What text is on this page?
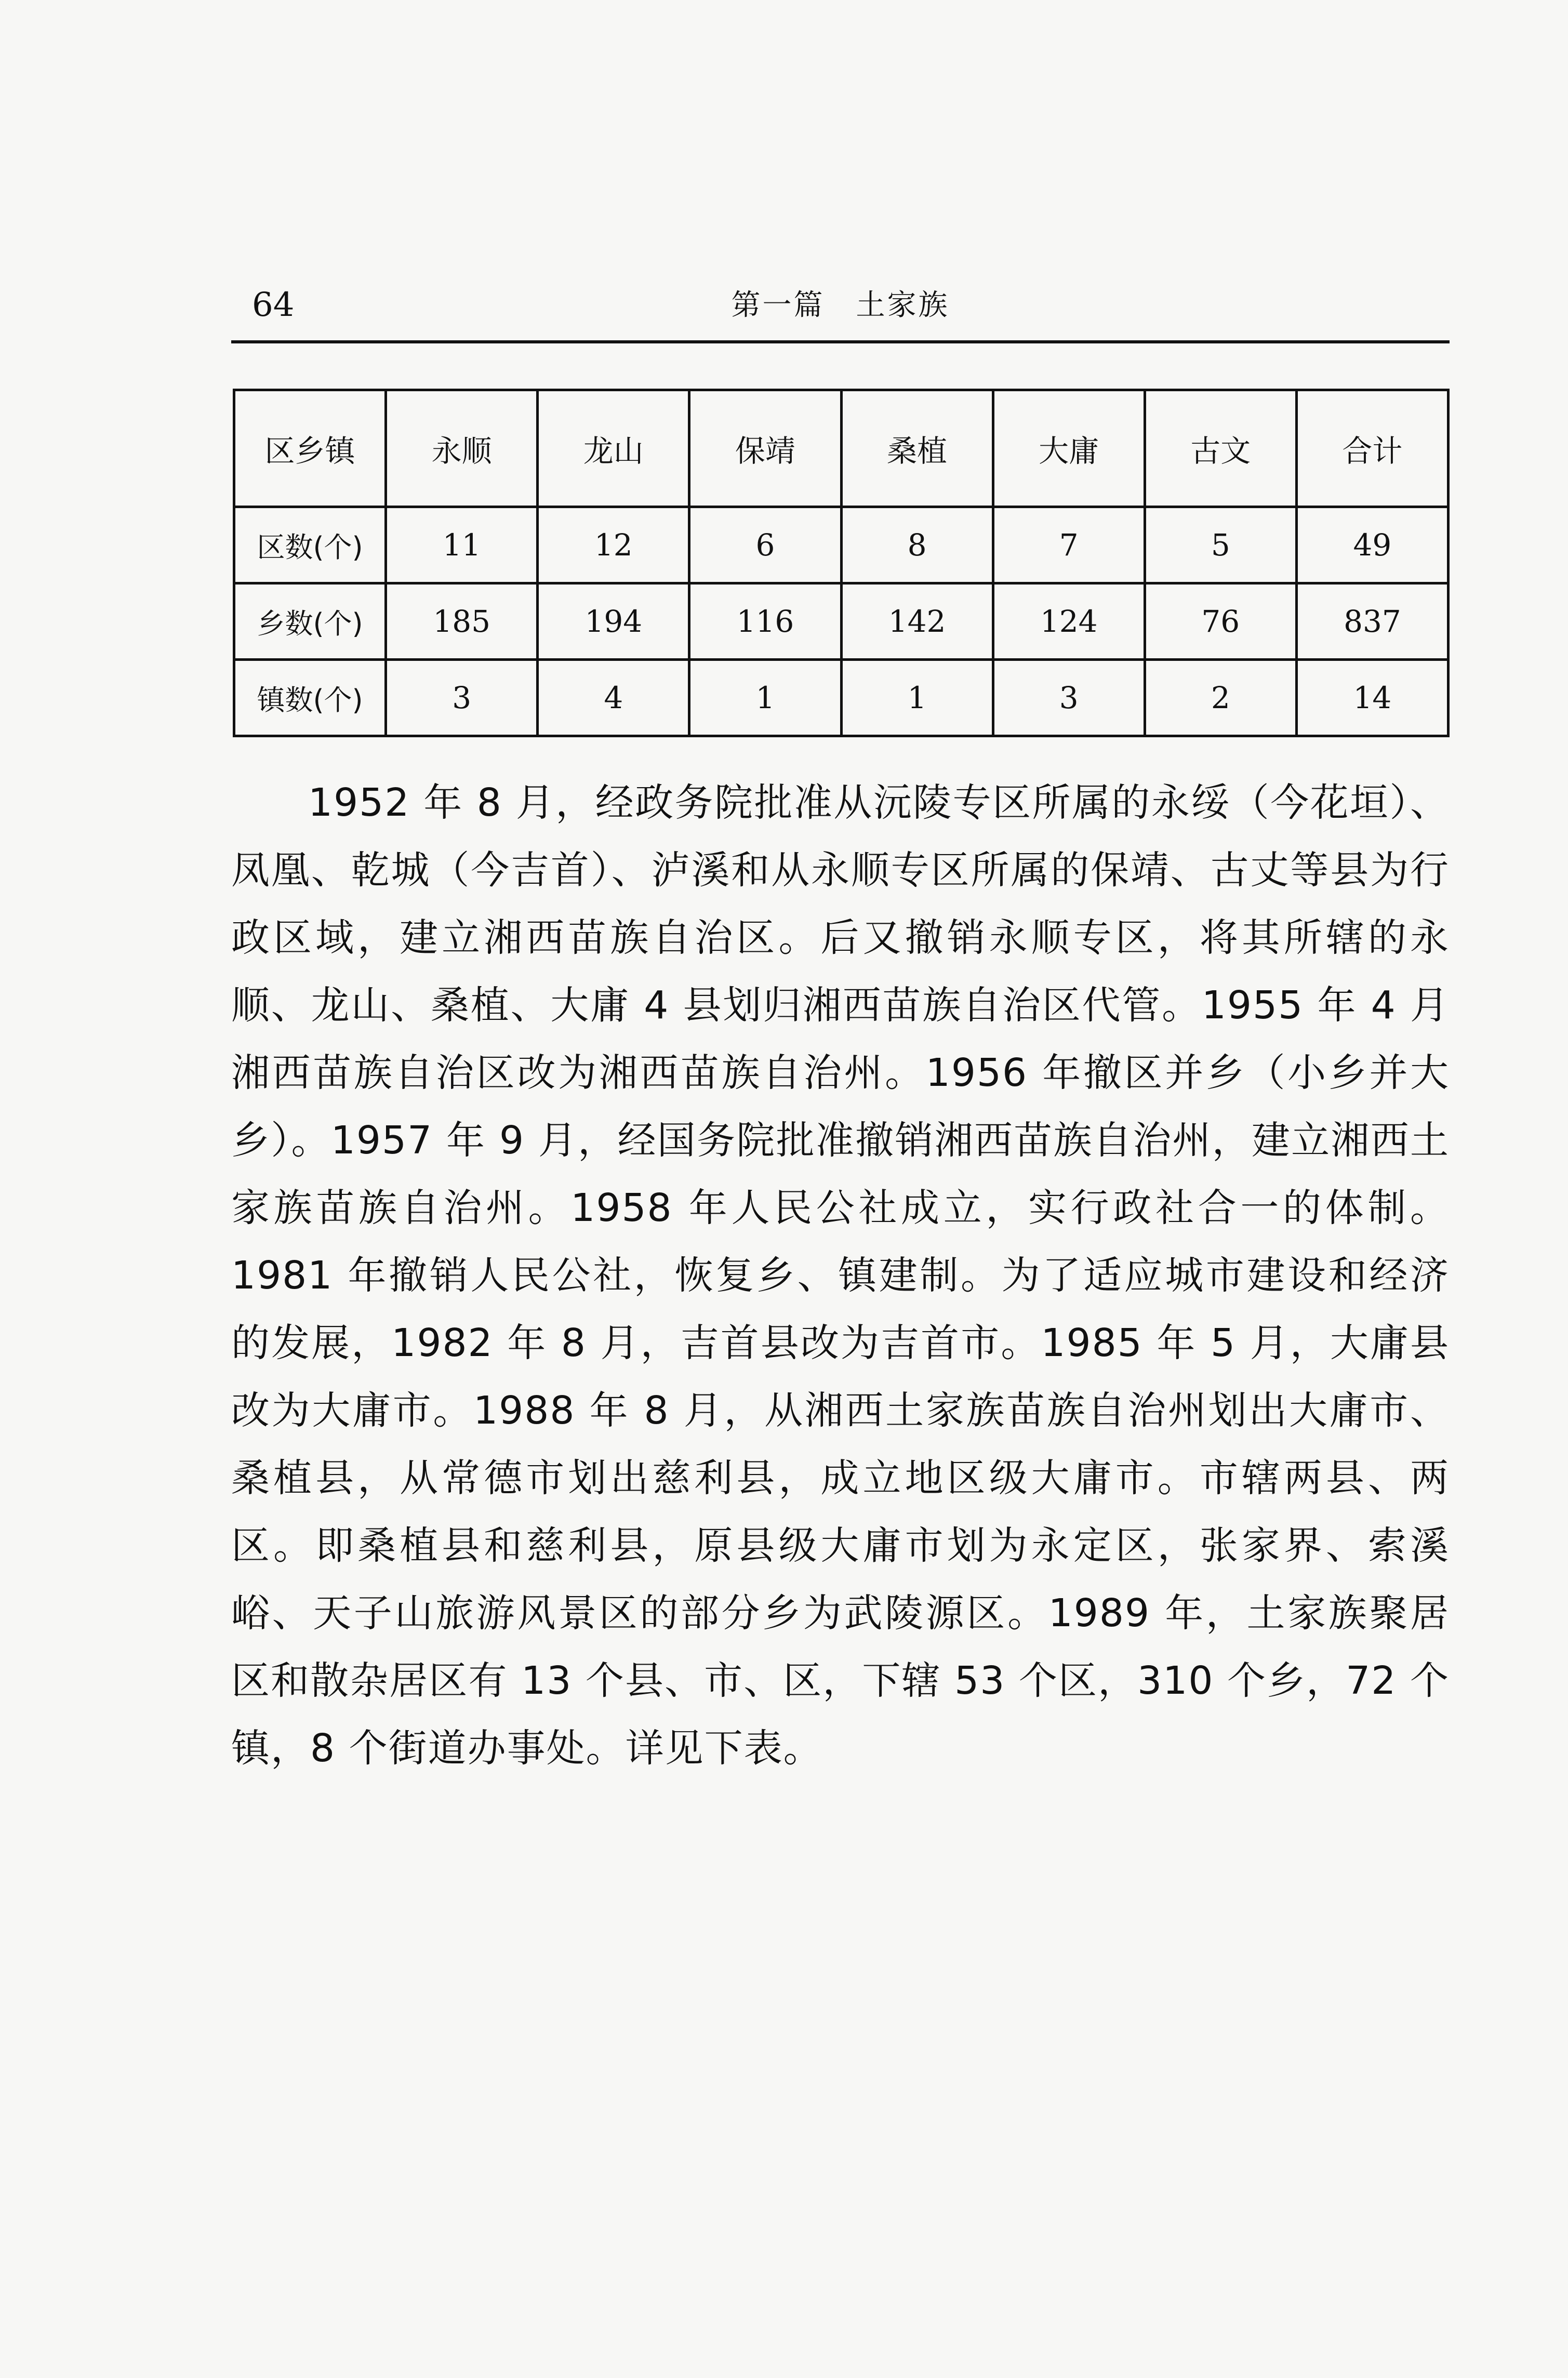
64	第一篇　土家族
区乡镇	永顺	龙山	保靖	桑植	大庸	古文	合计
区数(个)	11	12	6	8	7	5	49
乡数(个)	185	194	116	142	124	76	837
镇数(个)	3	4	1	1	3	2	14

1952 年 8 月，经政务院批准从沅陵专区所属的永绥（今花垣）、凤凰、乾城（今吉首）、泸溪和从永顺专区所属的保靖、古丈等县为行政区域，建立湘西苗族自治区。后又撤销永顺专区，将其所辖的永顺、龙山、桑植、大庸 4 县划归湘西苗族自治区代管。1955 年 4 月湘西苗族自治区改为湘西苗族自治州。1956 年撤区并乡（小乡并大乡）。1957 年 9 月，经国务院批准撤销湘西苗族自治州，建立湘西土家族苗族自治州。1958 年人民公社成立，实行政社合一的体制。1981 年撤销人民公社，恢复乡、镇建制。为了适应城市建设和经济的发展，1982 年 8 月，吉首县改为吉首市。1985 年 5 月，大庸县改为大庸市。1988 年 8 月，从湘西土家族苗族自治州划出大庸市、桑植县，从常德市划出慈利县，成立地区级大庸市。市辖两县、两区。即桑植县和慈利县，原县级大庸市划为永定区，张家界、索溪峪、天子山旅游风景区的部分乡为武陵源区。1989 年，土家族聚居区和散杂居区有 13 个县、市、区，下辖 53 个区，310 个乡，72 个镇，8 个街道办事处。详见下表。
